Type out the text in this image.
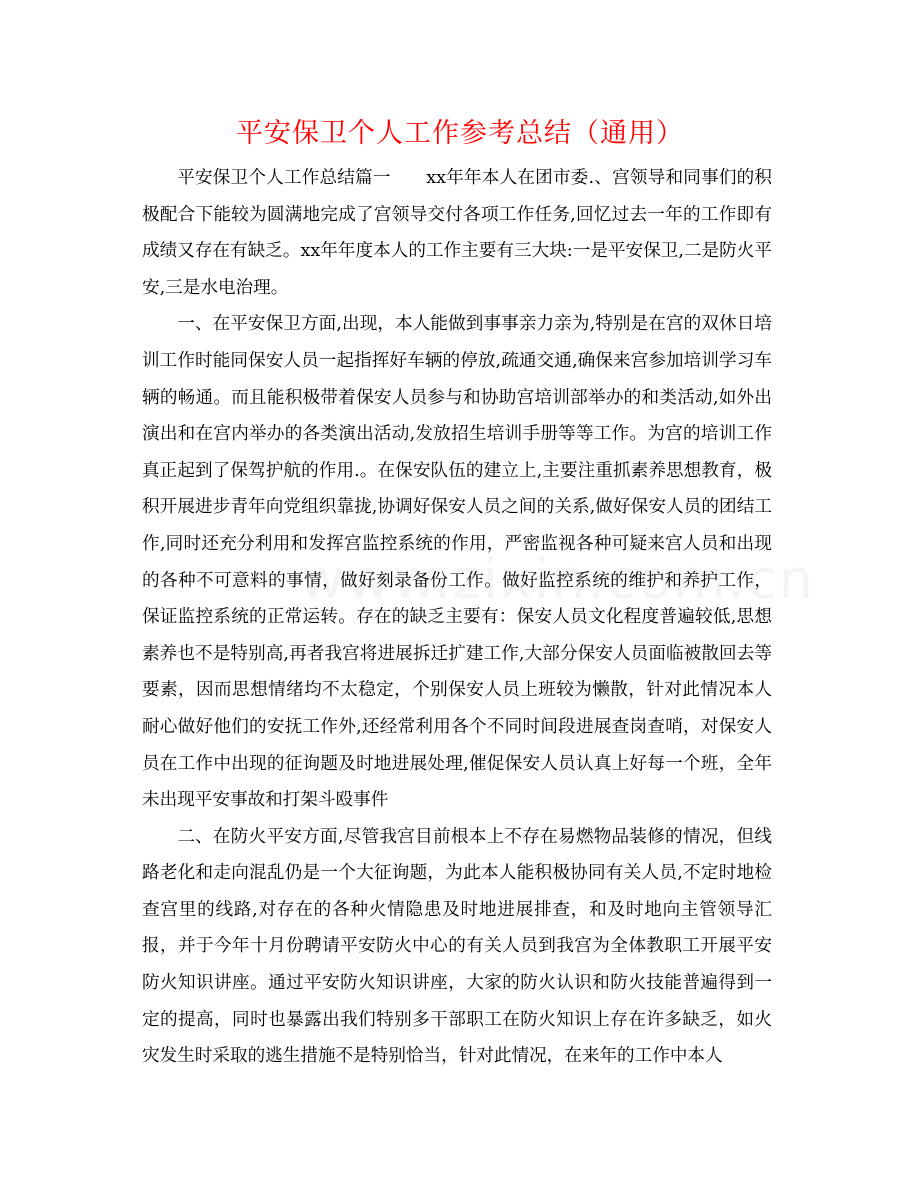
平安保卫个人工作参考总结（通用）

平安保卫个人工作总结篇一　　xx年年本人在团市委.、宫领导和同事们的积极配合下能较为圆满地完成了宫领导交付各项工作任务,回忆过去一年的工作即有成绩又存在有缺乏。xx年年度本人的工作主要有三大块:一是平安保卫,二是防火平安,三是水电治理。

一、在平安保卫方面,出现，本人能做到事事亲力亲为,特别是在宫的双休日培训工作时能同保安人员一起指挥好车辆的停放,疏通交通,确保来宫参加培训学习车辆的畅通。而且能积极带着保安人员参与和协助宫培训部举办的和类活动,如外出演出和在宫内举办的各类演出活动,发放招生培训手册等等工作。为宫的培训工作真正起到了保驾护航的作用.。在保安队伍的建立上,主要注重抓素养思想教育，极积开展进步青年向党组织靠拢,协调好保安人员之间的关系,做好保安人员的团结工作,同时还充分利用和发挥宫监控系统的作用，严密监视各种可疑来宫人员和出现的各种不可意料的事情，做好刻录备份工作。做好监控系统的维护和养护工作，保证监控系统的正常运转。存在的缺乏主要有：保安人员文化程度普遍较低,思想素养也不是特别高,再者我宫将进展拆迁扩建工作,大部分保安人员面临被散回去等要素，因而思想情绪均不太稳定，个别保安人员上班较为懒散，针对此情况本人耐心做好他们的安抚工作外,还经常利用各个不同时间段进展查岗查哨，对保安人员在工作中出现的征询题及时地进展处理,催促保安人员认真上好每一个班，全年未出现平安事故和打架斗殴事件

二、在防火平安方面,尽管我宫目前根本上不存在易燃物品装修的情况，但线路老化和走向混乱仍是一个大征询题，为此本人能积极协同有关人员,不定时地检查宫里的线路,对存在的各种火情隐患及时地进展排查，和及时地向主管领导汇报，并于今年十月份聘请平安防火中心的有关人员到我宫为全体教职工开展平安防火知识讲座。通过平安防火知识讲座，大家的防火认识和防火技能普遍得到一定的提高，同时也暴露出我们特别多干部职工在防火知识上存在许多缺乏，如火灾发生时采取的逃生措施不是特别恰当，针对此情况，在来年的工作中本人
